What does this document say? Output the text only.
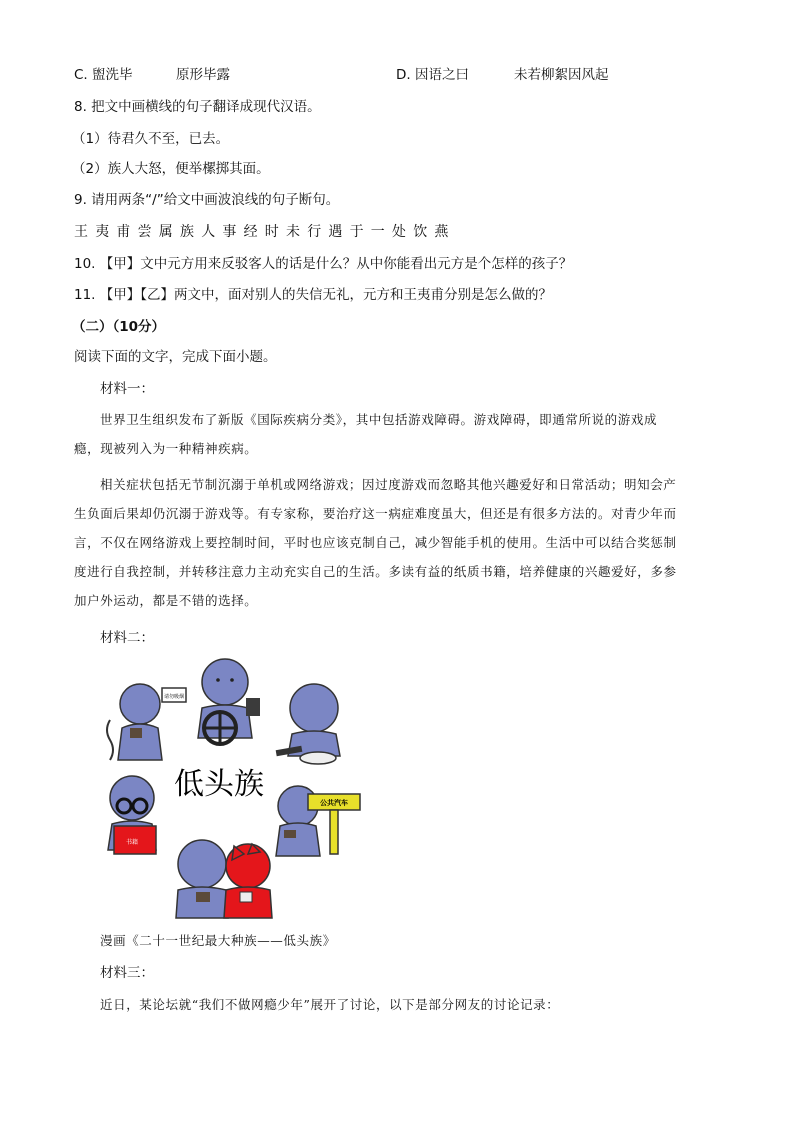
C. 盥洗毕	原形毕露	D. 因语之曰	未若柳絮因风起
8. 把文中画横线的句子翻译成现代汉语。
（1）待君久不至，已去。
（2）族人大怒，便举樏掷其面。
9. 请用两条“/”给文中画波浪线的句子断句。
王夷甫尝属族人事经时未行遇于一处饮燕
10. 【甲】文中元方用来反驳客人的话是什么？从中你能看出元方是个怎样的孩子？
11. 【甲】【乙】两文中，面对别人的失信无礼，元方和王夷甫分别是怎么做的？
（二）（10分）
阅读下面的文字，完成下面小题。
材料一：
世界卫生组织发布了新版《国际疾病分类》，其中包括游戏障碍。游戏障碍，即通常所说的游戏成
瘾，现被列入为一种精神疾病。
相关症状包括无节制沉溺于单机或网络游戏；因过度游戏而忽略其他兴趣爱好和日常活动；明知会产
生负面后果却仍沉溺于游戏等。有专家称，要治疗这一病症难度虽大，但还是有很多方法的。对青少年而
言，不仅在网络游戏上要控制时间，平时也应该克制自己，减少智能手机的使用。生活中可以结合奖惩制
度进行自我控制，并转移注意力主动充实自己的生活。多读有益的纸质书籍，培养健康的兴趣爱好，多参
加户外运动，都是不错的选择。
材料二：
请勿吸烟
低头族
书籍
公共汽车
漫画《二十一世纪最大种族——低头族》
材料三：
近日，某论坛就“我们不做网瘾少年”展开了讨论，以下是部分网友的讨论记录：
